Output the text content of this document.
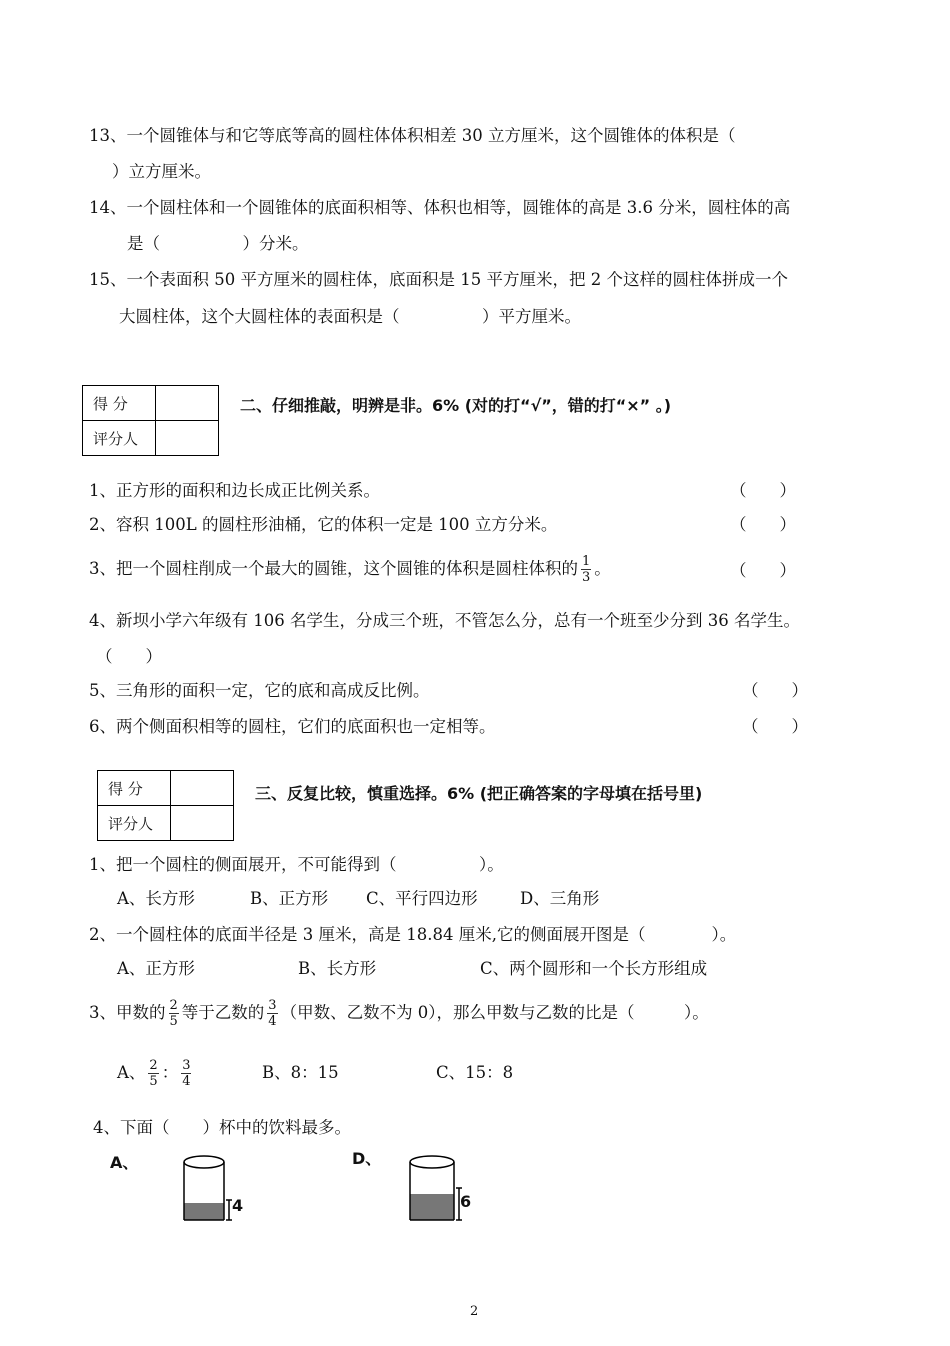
13、一个圆锥体与和它等底等高的圆柱体体积相差 30 立方厘米，这个圆锥体的体积是（
）立方厘米。
14、一个圆柱体和一个圆锥体的底面积相等、体积也相等，圆锥体的高是 3.6 分米，圆柱体的高
是（　　　　　）分米。
15、一个表面积 50 平方厘米的圆柱体，底面积是 15 平方厘米，把 2 个这样的圆柱体拼成一个
大圆柱体，这个大圆柱体的表面积是（　　　　　）平方厘米。
得 分	
评分人	
二、仔细推敲，明辨是非。6% (对的打“√”，错的打“×” 。)
1、正方形的面积和边长成正比例关系。	（　　）
2、容积 100L 的圆柱形油桶，它的体积一定是 100 立方分米。	（　　）
3、把一个圆柱削成一个最大的圆锥，这个圆锥的体积是圆柱体积的 $\frac{1}{3}$ 。	（　　）
4、新坝小学六年级有 106 名学生，分成三个班，不管怎么分，总有一个班至少分到 36 名学生。
（　　）
5、三角形的面积一定，它的底和高成反比例。	（　　）
6、两个侧面积相等的圆柱，它们的底面积也一定相等。	（　　）
得 分	
评分人	
三、反复比较，慎重选择。6% (把正确答案的字母填在括号里)
1、把一个圆柱的侧面展开，不可能得到（　　　　　）。
A、长方形	B、正方形 C、平行四边形	D、三角形
2、一个圆柱体的底面半径是 3 厘米，高是 18.84 厘米,它的侧面展开图是（　　　　）。
A、正方形	B、长方形	C、两个圆形和一个长方形组成
3、甲数的 $\frac{2}{5}$ 等于乙数的 $\frac{3}{4}$ （甲数、乙数不为 0），那么甲数与乙数的比是（　　　）。
A、 $\frac{2}{5}$ ： $\frac{3}{4}$	B、8：15	C、15：8
4、下面（　　）杯中的饮料最多。
A、
4
D、
6
2
